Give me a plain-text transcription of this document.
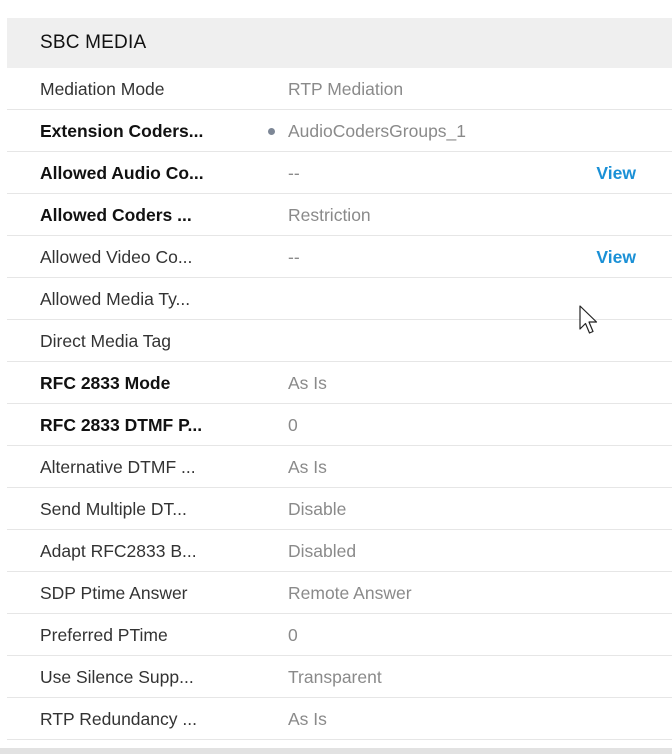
SBC MEDIA
Mediation Mode	RTP Mediation
Extension Coders...	AudioCodersGroups_1
Allowed Audio Co...	--	View
Allowed Coders ...	Restriction
Allowed Video Co...	--	View
Allowed Media Ty...
Direct Media Tag
RFC 2833 Mode	As Is
RFC 2833 DTMF P...	0
Alternative DTMF ...	As Is
Send Multiple DT...	Disable
Adapt RFC2833 B...	Disabled
SDP Ptime Answer	Remote Answer
Preferred PTime	0
Use Silence Supp...	Transparent
RTP Redundancy ...	As Is
